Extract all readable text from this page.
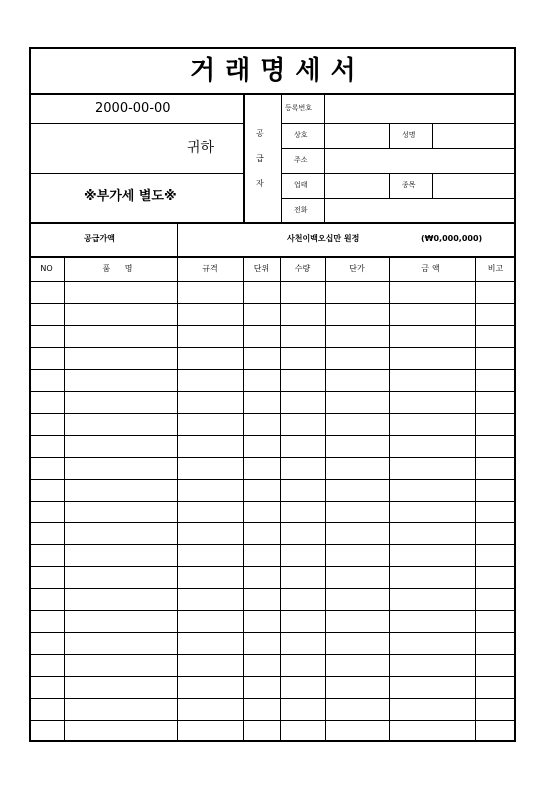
거래명세서
2000-00-00
귀하
※부가세 별도※
공
급
자
등록번호
상호	성명
주소
업태	종목
전화
공급가액	사천이백오십만 원정	(₩0,000,000)
NO	품 명	규격	단위	수량	단가	금액	비고
